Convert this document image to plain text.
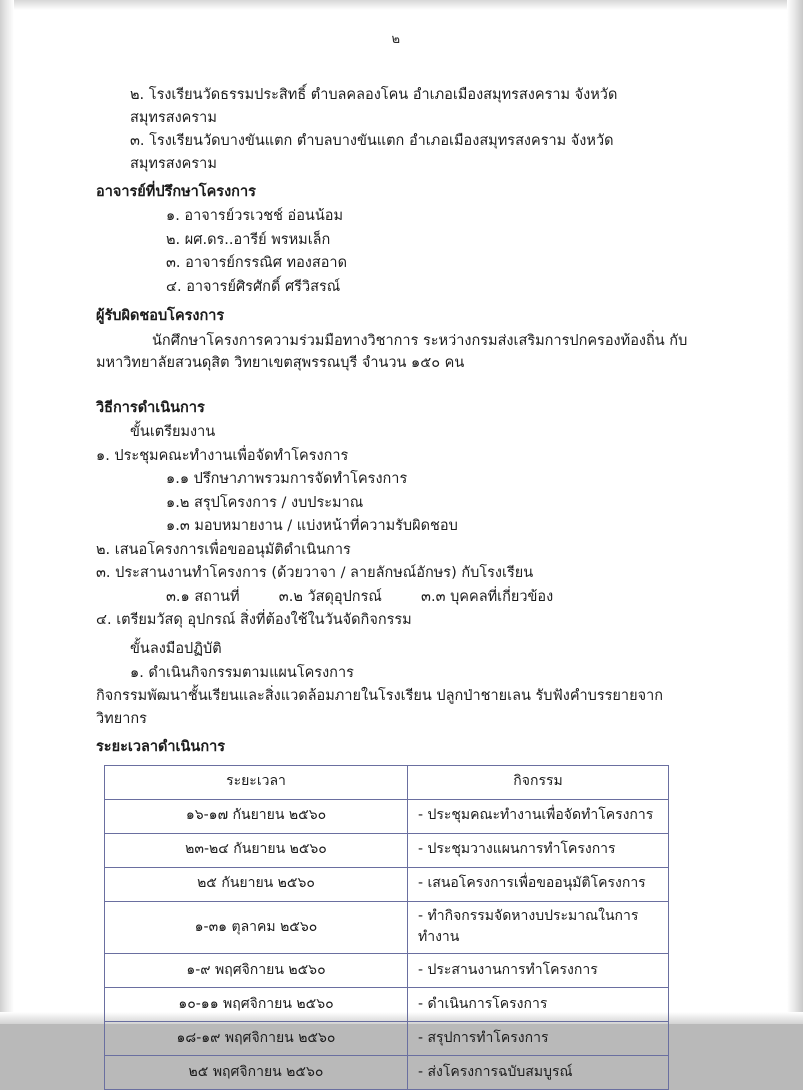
๒

๒. โรงเรียนวัดธรรมประสิทธิ์ ตำบลคลองโคน อำเภอเมืองสมุทรสงคราม จังหวัดสมุทรสงคราม

๓. โรงเรียนวัดบางขันแตก ตำบลบางขันแตก อำเภอเมืองสมุทรสงคราม จังหวัดสมุทรสงคราม

อาจารย์ที่ปรึกษาโครงการ

๑. อาจารย์วรเวชช์ อ่อนน้อม

๒. ผศ.ดร..อารีย์ พรหมเล็ก

๓. อาจารย์กรรณิศ ทองสอาด

๔. อาจารย์ศิรศักดิ์ ศรีวิสรณ์

ผู้รับผิดชอบโครงการ

นักศึกษาโครงการความร่วมมือทางวิชาการ ระหว่างกรมส่งเสริมการปกครองท้องถิ่น กับ

มหาวิทยาลัยสวนดุสิต วิทยาเขตสุพรรณบุรี จำนวน ๑๕๐ คน

วิธีการดำเนินการ

ขั้นเตรียมงาน

๑. ประชุมคณะทำงานเพื่อจัดทำโครงการ

๑.๑ ปรึกษาภาพรวมการจัดทำโครงการ

๑.๒ สรุปโครงการ / งบประมาณ

๑.๓ มอบหมายงาน / แบ่งหน้าที่ความรับผิดชอบ

๒. เสนอโครงการเพื่อขออนุมัติดำเนินการ

๓. ประสานงานทำโครงการ (ด้วยวาจา / ลายลักษณ์อักษร) กับโรงเรียน

๓.๑ สถานที่	๓.๒ วัสดุอุปกรณ์	๓.๓ บุคคลที่เกี่ยวข้อง

๔. เตรียมวัสดุ อุปกรณ์ สิ่งที่ต้องใช้ในวันจัดกิจกรรม

ขั้นลงมือปฏิบัติ

๑. ดำเนินกิจกรรมตามแผนโครงการ

กิจกรรมพัฒนาชั้นเรียนและสิ่งแวดล้อมภายในโรงเรียน ปลูกป่าชายเลน รับฟังคำบรรยายจากวิทยากร

ระยะเวลาดำเนินการ

ระยะเวลา	กิจกรรม
๑๖-๑๗ กันยายน ๒๕๖๐	- ประชุมคณะทำงานเพื่อจัดทำโครงการ
๒๓-๒๔ กันยายน ๒๕๖๐	- ประชุมวางแผนการทำโครงการ
๒๕ กันยายน ๒๕๖๐	- เสนอโครงการเพื่อขออนุมัติโครงการ
๑-๓๑ ตุลาคม ๒๕๖๐	- ทำกิจกรรมจัดหางบประมาณในการทำงาน
๑-๙ พฤศจิกายน ๒๕๖๐	- ประสานงานการทำโครงการ
๑๐-๑๑ พฤศจิกายน ๒๕๖๐	- ดำเนินการโครงการ
๑๘-๑๙ พฤศจิกายน ๒๕๖๐	- สรุปการทำโครงการ
๒๕ พฤศจิกายน ๒๕๖๐	- ส่งโครงการฉบับสมบูรณ์
